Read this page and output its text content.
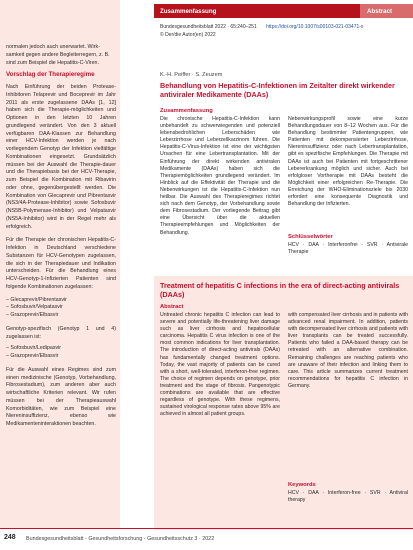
normalen jedoch auch unerwartet. Wirk-

samkeit gegen andere Begleiterregern, z. B.

sind zum Beispiel die Hepatitis-C-Viren.

Vorschlag der Therapieregime

Nach Einführung der beiden Protease-Inhibitoren Telaprevir und Boceprevir im Jahr 2011 als erste zugelassene DAAs [1, 12] haben sich die Therapie-möglichkeiten und Optionen in den letzten 10 Jahren grundlegend verändert. Von den 3 aktuell verfügbaren DAA-Klassen zur Behandlung einer HCV-Infektion werden je nach vorliegendem Genotyp der Infektion vielfältige Kombinationen eingesetzt. Grundsätzlich müssen bei der Auswahl die Therapie-dauer und die Therapiebasis bei der HCV-Therapie, zum Beispiel die Kombination mit Ribavirin oder ohne, gegenübergestellt werden. Die Kombination von Glecaprevir und Pibrentasvir (NS3/4A-Protease-Inhibitor) sowie Sofosbuvir (NS5B-Polymerase-Inhibitor) und Velpatasvir (NS5A-Inhibitor) wird in der Regel mehr als erfolgreich.

Für die Therapie der chronischen Hepatitis-C-Infektion in Deutschland verschiedene Substanzen für HCV-Genotypen zugelassen, die sich in der Therapiedauer und Indikation unterscheiden. Für die Behandlung eines HCV-Genotyp-1-Infizierten Patienten sind folgende Kombinationen zugelassen:

– Glecaprevir/Pibrentasvir
– Sofosbuvir/Velpatasvir
– Grazoprevir/Elbasvir

Genotyp-spezifisch (Genotyp 1 und 4) zugelassen ist:

– Sofosbuvir/Ledipasvir
– Grazoprevir/Elbasvir

Für die Auswahl eines Regimes sind zum einen medizinische (Genotyp, Vorbehandlung, Fibrosestadium), zum anderen aber auch wirtschaftliche Kriterien relevant. Wir rufen müssen bei der Therapieauswahl Komorbiditäten, wie zum Beispiel eine Niereninsuffizienz, ebenso wie Medikamenteninteraktionen beachten.

Zusammenfassung	Abstract
Bundesgesundheitsblatt 2022 · 65:240–251 https://doi.org/10.1007/s00103-021-03471-x
© Der/die Autor(en) 2022
K.-H. Peiffer · S. Zeuzem
Behandlung von Hepatitis-C-Infektionen im Zeitalter direkt wirkender antiviraler Medikamente (DAAs)
Zusammenfassung

Die chronische Hepatitis-C-Infektion kann unbehandelt zu schwerwiegenden und potenziell lebensbedrohlichen Leberschäden wie Leberzirrhose und Leberzellkarzinom führen. Die Hepatitis-C-Virus-Infektion ist eine der wichtigsten Ursachen für eine Lebertransplantation. Mit der Einführung der direkt wirkenden antiviralen Medikamente (DAAs) haben sich die Therapiemöglichkeiten grundlegend verändert. Im Hinblick auf die Effektivität der Therapie und die Nebenwirkungen ist die Hepatitis-C-Infektion nun heilbar. Die Auswahl des Therapieregimes richtet sich nach dem Genotyp, der Vorbehandlung sowie dem Fibrosestadium. Der vorliegende Beitrag gibt eine Übersicht über die aktuellen Therapieempfehlungen und Möglichkeiten der Behandlung.

Nebenwirkungsprofil sowie eine kurze Behandlungsdauer von 8–12 Wochen aus. Für die Behandlung bestimmter Patientengruppen, wie Patienten mit dekompensierter Leberzirrhose, Niereninsuffizienz oder nach Lebertransplantation, gibt es spezifische Empfehlungen. Die Therapie mit DAAs ist auch bei Patienten mit fortgeschrittener Lebererkrankung möglich und sicher. Auch bei erfolgloser Vortherapie mit DAAs besteht die Möglichkeit einer erfolgreichen Re-Therapie. Die Erreichung der WHO-Eliminationsziele bis 2030 erfordert eine konsequente Diagnostik und Behandlung der Infizierten.

Schlüsselwörter

HCV · DAA · Interferonfrei · SVR · Antivirale Therapie

Treatment of hepatitis C infections in the era of direct-acting antivirals (DAAs)
Abstract

Untreated chronic hepatitis C infection can lead to severe and potentially life-threatening liver damage such as liver cirrhosis and hepatocellular carcinoma. Hepatitis C virus infection is one of the most common indications for liver transplantation. The introduction of direct-acting antivirals (DAAs) has fundamentally changed treatment options. Today, the vast majority of patients can be cured with a short, well-tolerated, interferon-free regimen. The choice of regimen depends on genotype, prior treatment and the stage of fibrosis. Pangenotypic combinations are available that are effective regardless of genotype. With these regimens, sustained virological response rates above 95% are achieved in almost all patient groups.

with compensated liver cirrhosis and in patients with advanced renal impairment. In addition, patients with decompensated liver cirrhosis and patients with liver transplants can be treated successfully. Patients who failed a DAA-based therapy can be retreated with an alternative combination. Remaining challenges are reaching patients who are unaware of their infection and linking them to care. This article summarizes current treatment recommendations for hepatitis C infection in Germany.

Keywords

HCV · DAA · Interferon-free · SVR · Antiviral therapy

248 Bundesgesundheitsblatt - Gesundheitsforschung - Gesundheitsschutz 3 · 2022
